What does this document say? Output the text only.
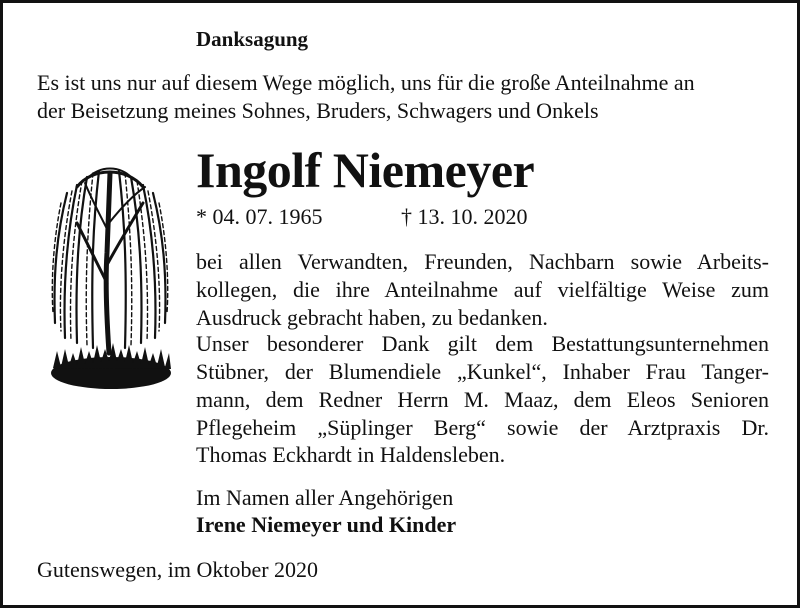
Danksagung
Es ist uns nur auf diesem Wege möglich, uns für die große Anteilnahme an
der Beisetzung meines Sohnes, Bruders, Schwagers und Onkels
Ingolf Niemeyer
* 04. 07. 1965	† 13. 10. 2020
bei allen Verwandten, Freunden, Nachbarn sowie Arbeits-
kollegen, die ihre Anteilnahme auf vielfältige Weise zum
Ausdruck gebracht haben, zu bedanken.
Unser besonderer Dank gilt dem Bestattungsunternehmen
Stübner, der Blumendiele „Kunkel“, Inhaber Frau Tanger-
mann, dem Redner Herrn M. Maaz, dem Eleos Senioren
Pflegeheim „Süplinger Berg“ sowie der Arztpraxis Dr.
Thomas Eckhardt in Haldensleben.
Im Namen aller Angehörigen
Irene Niemeyer und Kinder
Gutenswegen, im Oktober 2020
